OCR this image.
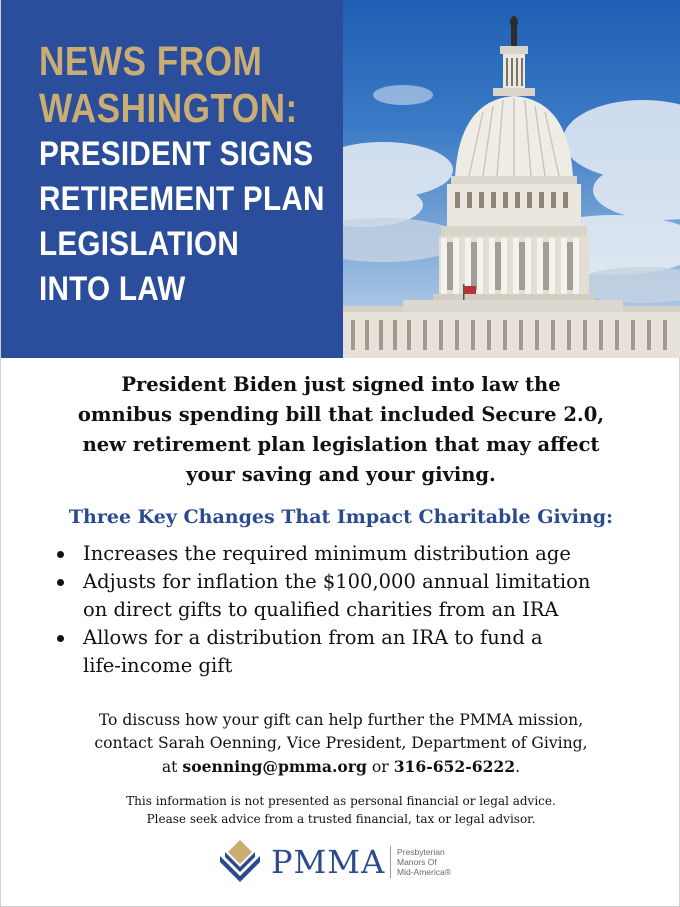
NEWS FROM
WASHINGTON:
PRESIDENT SIGNS
RETIREMENT PLAN
LEGISLATION
INTO LAW

President Biden just signed into law the
omnibus spending bill that included Secure 2.0,
new retirement plan legislation that may affect
your saving and your giving.

Three Key Changes That Impact Charitable Giving:
Increases the required minimum distribution age
Adjusts for inflation the $100,000 annual limitation
on direct gifts to qualified charities from an IRA
Allows for a distribution from an IRA to fund a
life-income gift

To discuss how your gift can help further the PMMA mission,
contact Sarah Oenning, Vice President, Department of Giving,
at soenning@pmma.org or 316-652-6222.

This information is not presented as personal financial or legal advice.
Please seek advice from a trusted financial, tax or legal advisor.

PMMA Presbyterian
Manors Of
Mid-America®
